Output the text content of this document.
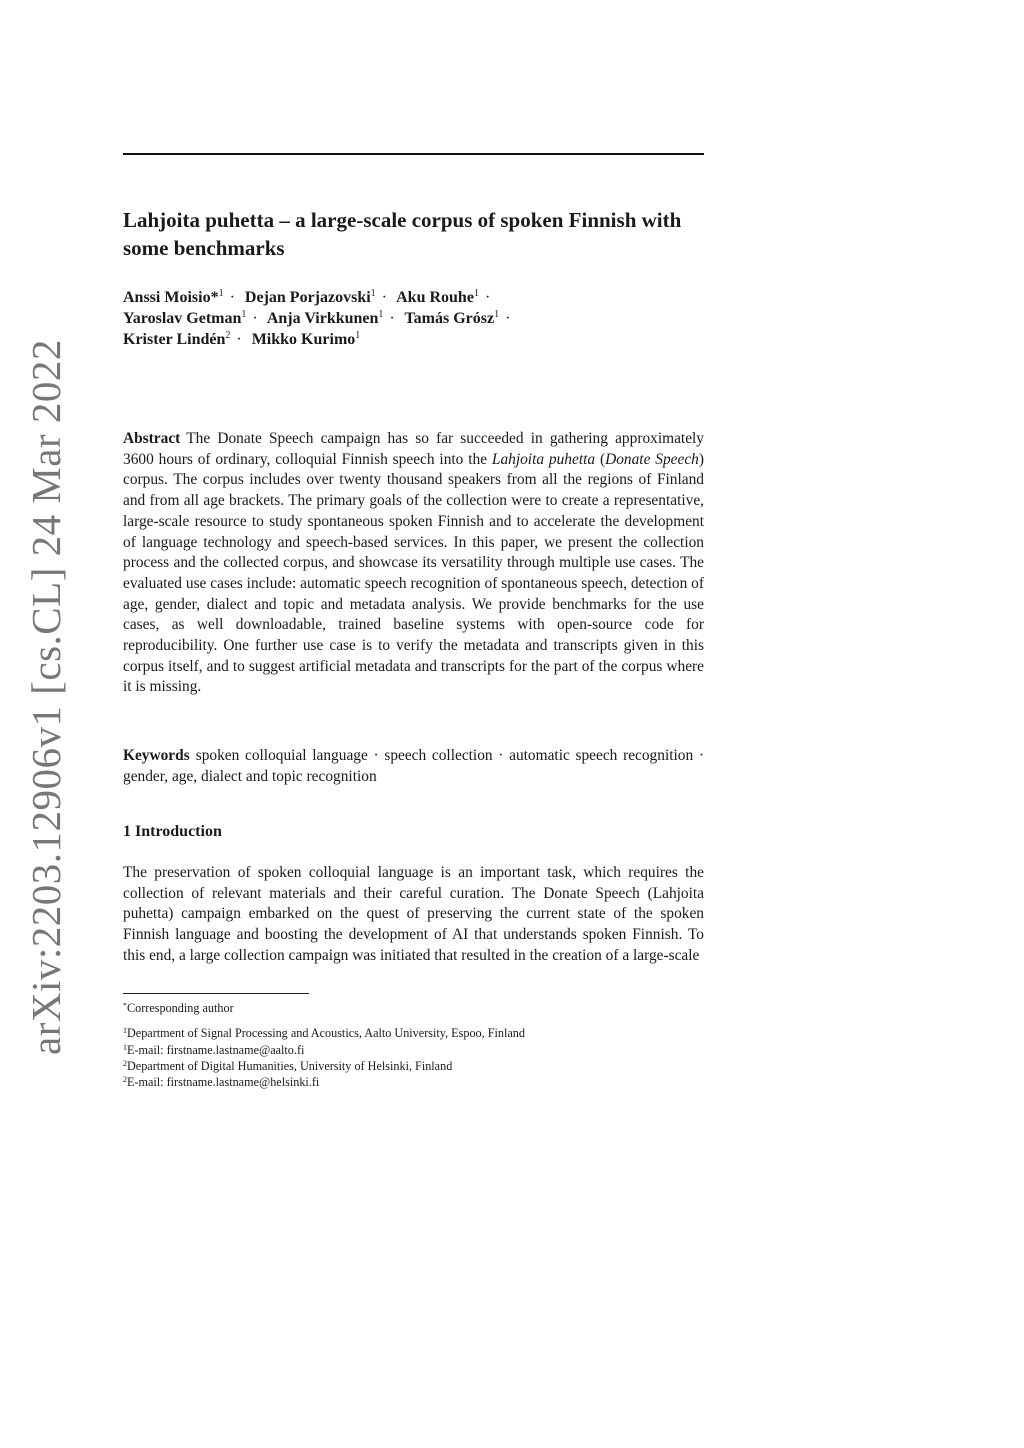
arXiv:2203.12906v1 [cs.CL] 24 Mar 2022
Lahjoita puhetta – a large-scale corpus of spoken Finnish with some benchmarks
Anssi Moisio*$^1$ · Dejan Porjazovski$^1$ · Aku Rouhe$^1$ · Yaroslav Getman$^1$ · Anja Virkkunen$^1$ · Tamás Grósz$^1$ · Krister Lindén$^2$ · Mikko Kurimo$^1$

Abstract The Donate Speech campaign has so far succeeded in gathering approximately 3600 hours of ordinary, colloquial Finnish speech into the Lahjoita puhetta (Donate Speech) corpus. The corpus includes over twenty thousand speakers from all the regions of Finland and from all age brackets. The primary goals of the collection were to create a representative, large-scale resource to study spontaneous spoken Finnish and to accelerate the development of language technology and speech-based services. In this paper, we present the collection process and the collected corpus, and showcase its versatility through multiple use cases. The evaluated use cases include: automatic speech recognition of spontaneous speech, detection of age, gender, dialect and topic and metadata analysis. We provide benchmarks for the use cases, as well downloadable, trained baseline systems with open-source code for reproducibility. One further use case is to verify the metadata and transcripts given in this corpus itself, and to suggest artificial metadata and transcripts for the part of the corpus where it is missing.

Keywords spoken colloquial language · speech collection · automatic speech recognition · gender, age, dialect and topic recognition

1 Introduction

The preservation of spoken colloquial language is an important task, which requires the collection of relevant materials and their careful curation. The Donate Speech (Lahjoita puhetta) campaign embarked on the quest of preserving the current state of the spoken Finnish language and boosting the development of AI that understands spoken Finnish. To this end, a large collection campaign was initiated that resulted in the creation of a large-scale

*Corresponding author
$^1$Department of Signal Processing and Acoustics, Aalto University, Espoo, Finland
$^1$E-mail: firstname.lastname@aalto.fi
$^2$Department of Digital Humanities, University of Helsinki, Finland
$^2$E-mail: firstname.lastname@helsinki.fi
